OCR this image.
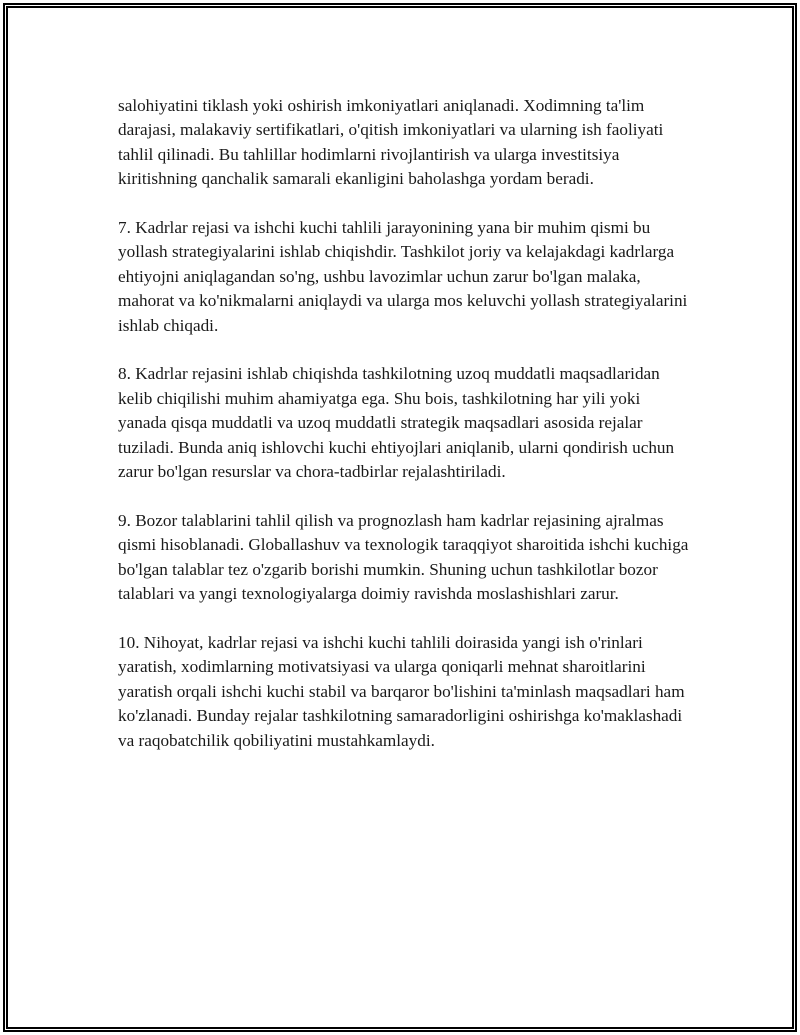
salohiyatini tiklash yoki oshirish imkoniyatlari aniqlanadi. Xodimning ta'lim darajasi, malakaviy sertifikatlari, o'qitish imkoniyatlari va ularning ish faoliyati tahlil qilinadi. Bu tahlillar hodimlarni rivojlantirish va ularga investitsiya kiritishning qanchalik samarali ekanligini baholashga yordam beradi.

7. Kadrlar rejasi va ishchi kuchi tahlili jarayonining yana bir muhim qismi bu yollash strategiyalarini ishlab chiqishdir. Tashkilot joriy va kelajakdagi kadrlarga ehtiyojni aniqlagandan so'ng, ushbu lavozimlar uchun zarur bo'lgan malaka, mahorat va ko'nikmalarni aniqlaydi va ularga mos keluvchi yollash strategiyalarini ishlab chiqadi.

8. Kadrlar rejasini ishlab chiqishda tashkilotning uzoq muddatli maqsadlaridan kelib chiqilishi muhim ahamiyatga ega. Shu bois, tashkilotning har yili yoki yanada qisqa muddatli va uzoq muddatli strategik maqsadlari asosida rejalar tuziladi. Bunda aniq ishlovchi kuchi ehtiyojlari aniqlanib, ularni qondirish uchun zarur bo'lgan resurslar va chora-tadbirlar rejalashtiriladi.

9. Bozor talablarini tahlil qilish va prognozlash ham kadrlar rejasining ajralmas qismi hisoblanadi. Globallashuv va texnologik taraqqiyot sharoitida ishchi kuchiga bo'lgan talablar tez o'zgarib borishi mumkin. Shuning uchun tashkilotlar bozor talablari va yangi texnologiyalarga doimiy ravishda moslashishlari zarur.

10. Nihoyat, kadrlar rejasi va ishchi kuchi tahlili doirasida yangi ish o'rinlari yaratish, xodimlarning motivatsiyasi va ularga qoniqarli mehnat sharoitlarini yaratish orqali ishchi kuchi stabil va barqaror bo'lishini ta'minlash maqsadlari ham ko'zlanadi. Bunday rejalar tashkilotning samaradorligini oshirishga ko'maklashadi va raqobatchilik qobiliyatini mustahkamlaydi.
